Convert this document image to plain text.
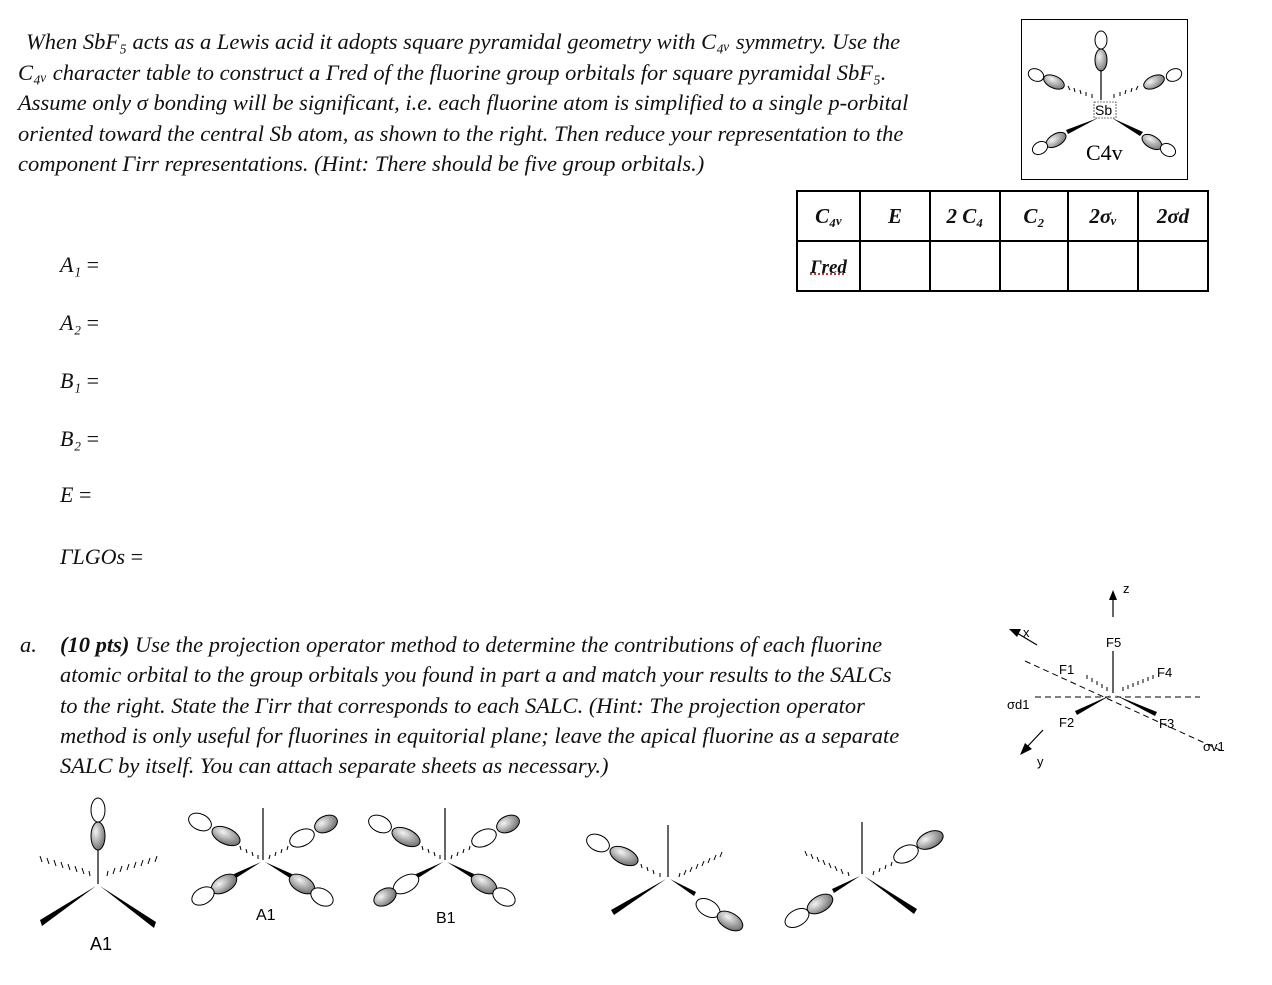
When SbF₅ acts as a Lewis acid it adopts square pyramidal geometry with C₄ᵥ symmetry. Use the
C₄ᵥ character table to construct a Γred of the fluorine group orbitals for square pyramidal SbF₅.
Assume only σ bonding will be significant, i.e. each fluorine atom is simplified to a single p-orbital
oriented toward the central Sb atom, as shown to the right. Then reduce your representation to the
component Γirr representations. (Hint: There should be five group orbitals.)
Sb
C4v
C₄ᵥ	E	2 C₄	C₂	2σᵥ	2σd
Γred					
A₁ =
A₂ =
B₁ =
B₂ =
E =
ΓLGOs =
a. (10 pts) Use the projection operator method to determine the contributions of each fluorine
atomic orbital to the group orbitals you found in part a and match your results to the SALCs
to the right. State the Γirr that corresponds to each SALC. (Hint: The projection operator
method is only useful for fluorines in equitorial plane; leave the apical fluorine as a separate
SALC by itself. You can attach separate sheets as necessary.)
z
x
y
F5
F1	F4
F2	F3
σd1
σv1
A1
A1	B1
